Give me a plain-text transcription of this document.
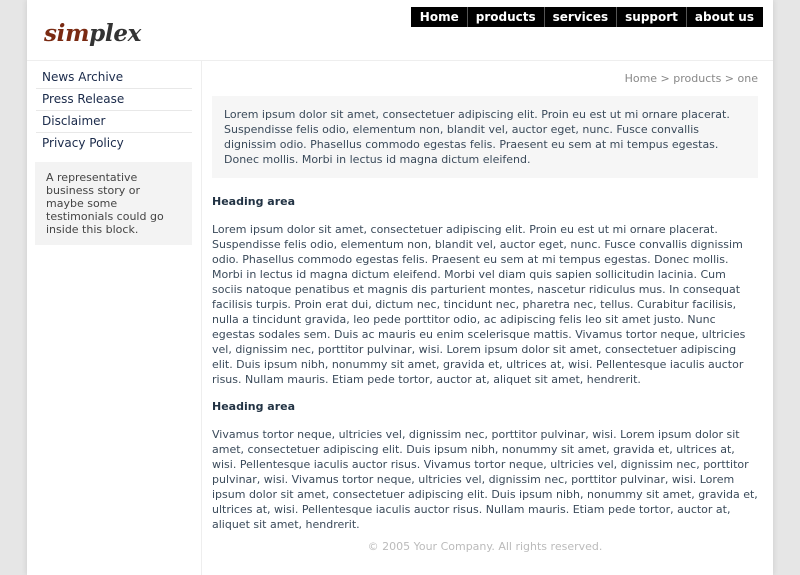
simplex
Home	products	services	support	about us
News Archive
Press Release
Disclaimer
Privacy Policy
A representative business story or maybe some testimonials could go inside this block.
Home > products > one
Lorem ipsum dolor sit amet, consectetuer adipiscing elit. Proin eu est ut mi ornare placerat. Suspendisse felis odio, elementum non, blandit vel, auctor eget, nunc. Fusce convallis dignissim odio. Phasellus commodo egestas felis. Praesent eu sem at mi tempus egestas. Donec mollis. Morbi in lectus id magna dictum eleifend.
Heading area
Lorem ipsum dolor sit amet, consectetuer adipiscing elit. Proin eu est ut mi ornare placerat. Suspendisse felis odio, elementum non, blandit vel, auctor eget, nunc. Fusce convallis dignissim odio. Phasellus commodo egestas felis. Praesent eu sem at mi tempus egestas. Donec mollis. Morbi in lectus id magna dictum eleifend. Morbi vel diam quis sapien sollicitudin lacinia. Cum sociis natoque penatibus et magnis dis parturient montes, nascetur ridiculus mus. In consequat facilisis turpis. Proin erat dui, dictum nec, tincidunt nec, pharetra nec, tellus. Curabitur facilisis, nulla a tincidunt gravida, leo pede porttitor odio, ac adipiscing felis leo sit amet justo. Nunc egestas sodales sem. Duis ac mauris eu enim scelerisque mattis. Vivamus tortor neque, ultricies vel, dignissim nec, porttitor pulvinar, wisi. Lorem ipsum dolor sit amet, consectetuer adipiscing elit. Duis ipsum nibh, nonummy sit amet, gravida et, ultrices at, wisi. Pellentesque iaculis auctor risus. Nullam mauris. Etiam pede tortor, auctor at, aliquet sit amet, hendrerit.
Heading area
Vivamus tortor neque, ultricies vel, dignissim nec, porttitor pulvinar, wisi. Lorem ipsum dolor sit amet, consectetuer adipiscing elit. Duis ipsum nibh, nonummy sit amet, gravida et, ultrices at, wisi. Pellentesque iaculis auctor risus. Vivamus tortor neque, ultricies vel, dignissim nec, porttitor pulvinar, wisi. Vivamus tortor neque, ultricies vel, dignissim nec, porttitor pulvinar, wisi. Lorem ipsum dolor sit amet, consectetuer adipiscing elit. Duis ipsum nibh, nonummy sit amet, gravida et, ultrices at, wisi. Pellentesque iaculis auctor risus. Nullam mauris. Etiam pede tortor, auctor at, aliquet sit amet, hendrerit.
© 2005 Your Company. All rights reserved.
